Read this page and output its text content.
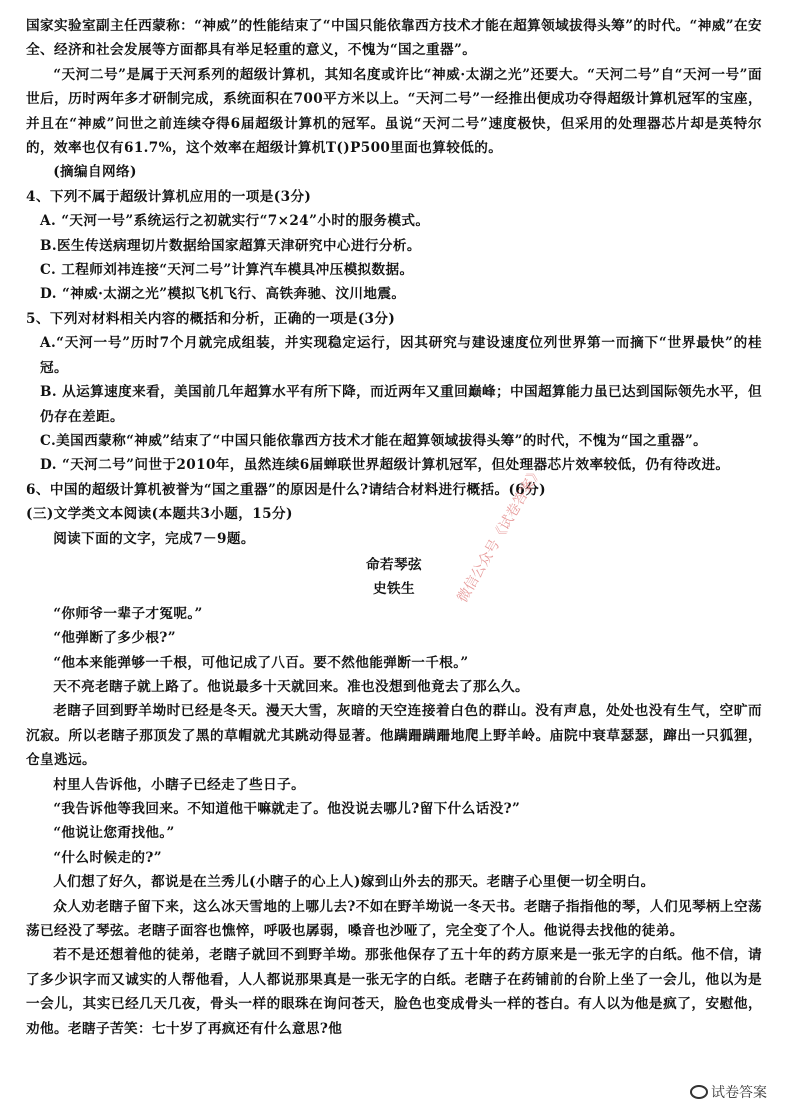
国家实验室副主任西蒙称：“神威”的性能结束了“中国只能依靠西方技术才能在超算领域拔得头筹”的时代。“神威”在安全、经济和社会发展等方面都具有举足轻重的意义，不愧为“国之重器”。

“天河二号”是属于天河系列的超级计算机，其知名度或许比“神威·太湖之光”还要大。“天河二号”自“天河一号”面世后，历时两年多才研制完成，系统面积在700平方米以上。“天河二号”一经推出便成功夺得超级计算机冠军的宝座，并且在“神威”问世之前连续夺得6届超级计算机的冠军。虽说“天河二号”速度极快，但采用的处理器芯片却是英特尔的，效率也仅有61.7%，这个效率在超级计算机T()P500里面也算较低的。

(摘编自网络)

4、下列不属于超级计算机应用的一项是(3分)

A. “天河一号”系统运行之初就实行“7×24”小时的服务模式。

B.医生传送病理切片数据给国家超算天津研究中心进行分析。

C. 工程师刘祎连接“天河二号”计算汽车模具冲压模拟数据。

D. “神威·太湖之光”模拟飞机飞行、高铁奔驰、汶川地震。

5、下列对材料相关内容的概括和分析，正确的一项是(3分)

A.“天河一号”历时7个月就完成组装，并实现稳定运行，因其研究与建设速度位列世界第一而摘下“世界最快”的桂冠。

B. 从运算速度来看，美国前几年超算水平有所下降，而近两年又重回巅峰；中国超算能力虽已达到国际领先水平，但仍存在差距。

C.美国西蒙称“神威”结束了“中国只能依靠西方技术才能在超算领域拔得头筹”的时代，不愧为“国之重器”。

D. “天河二号”问世于2010年，虽然连续6届蝉联世界超级计算机冠军，但处理器芯片效率较低，仍有待改进。

6、中国的超级计算机被誉为“国之重器”的原因是什么?请结合材料进行概括。(6分)

(三)文学类文本阅读(本题共3小题，15分)

阅读下面的文字，完成7－9题。

命若琴弦

史铁生

“你师爷一辈子才冤呢。”

“他弹断了多少根?”

“他本来能弹够一千根，可他记成了八百。要不然他能弹断一千根。”

天不亮老瞎子就上路了。他说最多十天就回来。准也没想到他竟去了那么久。

老瞎子回到野羊坳时已经是冬天。漫天大雪，灰暗的天空连接着白色的群山。没有声息，处处也没有生气，空旷而沉寂。所以老瞎子那顶发了黑的草帽就尤其跳动得显著。他蹒跚蹒跚地爬上野羊岭。庙院中衰草瑟瑟，蹿出一只狐狸，仓皇逃远。

村里人告诉他，小瞎子已经走了些日子。

“我告诉他等我回来。不知道他干嘛就走了。他没说去哪儿?留下什么话没?”

“他说让您甭找他。”

“什么时候走的?”

人们想了好久，都说是在兰秀儿(小瞎子的心上人)嫁到山外去的那天。老瞎子心里便一切全明白。

众人劝老瞎子留下来，这么冰天雪地的上哪儿去?不如在野羊坳说一冬天书。老瞎子指指他的琴，人们见琴柄上空荡荡已经没了琴弦。老瞎子面容也憔悴，呼吸也孱弱，嗓音也沙哑了，完全变了个人。他说得去找他的徒弟。

若不是还想着他的徒弟，老瞎子就回不到野羊坳。那张他保存了五十年的药方原来是一张无字的白纸。他不信，请了多少识字而又诚实的人帮他看，人人都说那果真是一张无字的白纸。老瞎子在药铺前的台阶上坐了一会儿，他以为是一会儿，其实已经几天几夜，骨头一样的眼珠在询问苍天，脸色也变成骨头一样的苍白。有人以为他是疯了，安慰他，劝他。老瞎子苦笑：七十岁了再疯还有什么意思?他

微信公众号《试卷答案》
试卷答案
